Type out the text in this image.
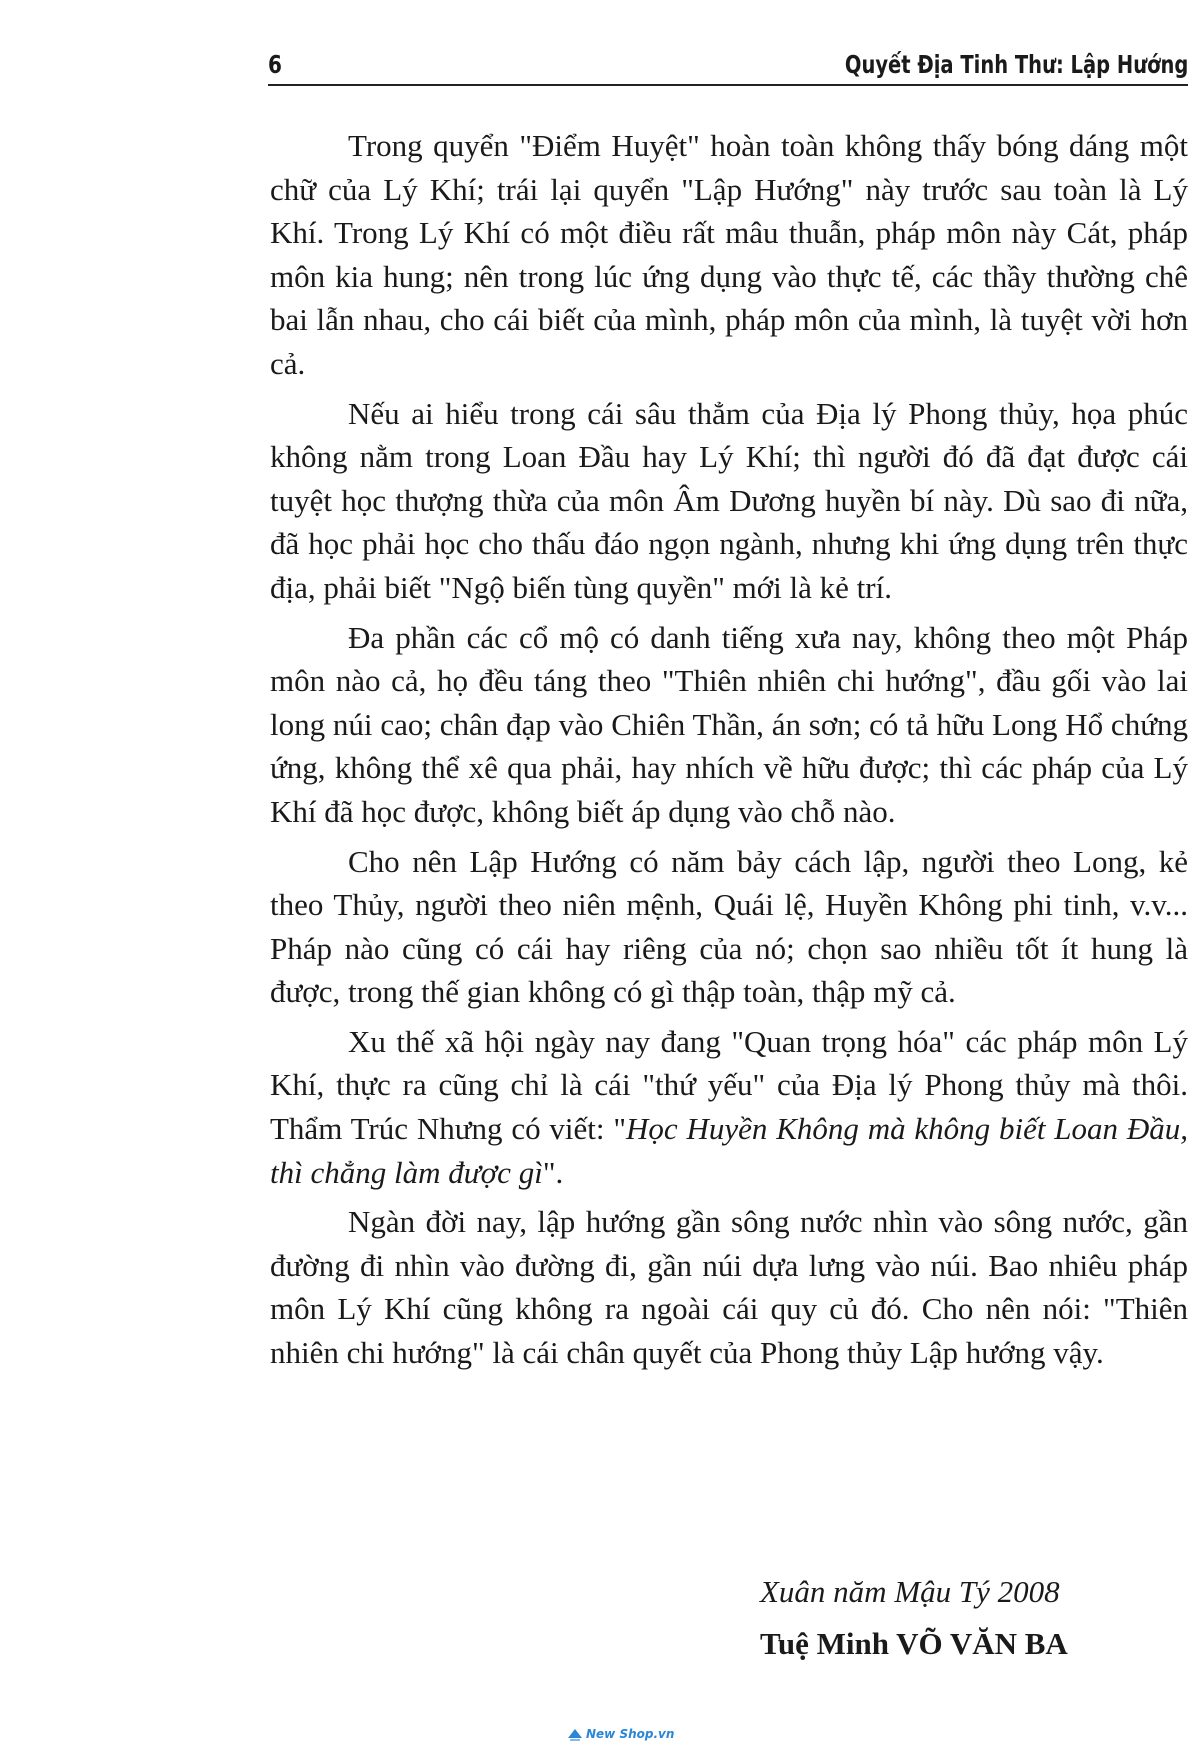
6	Quyết Địa Tinh Thư: Lập Hướng

Trong quyển "Điểm Huyệt" hoàn toàn không thấy bóng dáng một chữ của Lý Khí; trái lại quyển "Lập Hướng" này trước sau toàn là Lý Khí. Trong Lý Khí có một điều rất mâu thuẫn, pháp môn này Cát, pháp môn kia hung; nên trong lúc ứng dụng vào thực tế, các thầy thường chê bai lẫn nhau, cho cái biết của mình, pháp môn của mình, là tuyệt vời hơn cả.

Nếu ai hiểu trong cái sâu thẳm của Địa lý Phong thủy, họa phúc không nằm trong Loan Đầu hay Lý Khí; thì người đó đã đạt được cái tuyệt học thượng thừa của môn Âm Dương huyền bí này. Dù sao đi nữa, đã học phải học cho thấu đáo ngọn ngành, nhưng khi ứng dụng trên thực địa, phải biết "Ngộ biến tùng quyền" mới là kẻ trí.

Đa phần các cổ mộ có danh tiếng xưa nay, không theo một Pháp môn nào cả, họ đều táng theo "Thiên nhiên chi hướng", đầu gối vào lai long núi cao; chân đạp vào Chiên Thần, án sơn; có tả hữu Long Hổ chứng ứng, không thể xê qua phải, hay nhích về hữu được; thì các pháp của Lý Khí đã học được, không biết áp dụng vào chỗ nào.

Cho nên Lập Hướng có năm bảy cách lập, người theo Long, kẻ theo Thủy, người theo niên mệnh, Quái lệ, Huyền Không phi tinh, v.v... Pháp nào cũng có cái hay riêng của nó; chọn sao nhiều tốt ít hung là được, trong thế gian không có gì thập toàn, thập mỹ cả.

Xu thế xã hội ngày nay đang "Quan trọng hóa" các pháp môn Lý Khí, thực ra cũng chỉ là cái "thứ yếu" của Địa lý Phong thủy mà thôi. Thẩm Trúc Nhưng có viết: "Học Huyền Không mà không biết Loan Đầu, thì chẳng làm được gì".

Ngàn đời nay, lập hướng gần sông nước nhìn vào sông nước, gần đường đi nhìn vào đường đi, gần núi dựa lưng vào núi. Bao nhiêu pháp môn Lý Khí cũng không ra ngoài cái quy củ đó. Cho nên nói: "Thiên nhiên chi hướng" là cái chân quyết của Phong thủy Lập hướng vậy.

Xuân năm Mậu Tý 2008
Tuệ Minh VÕ VĂN BA
New Shop.vn
